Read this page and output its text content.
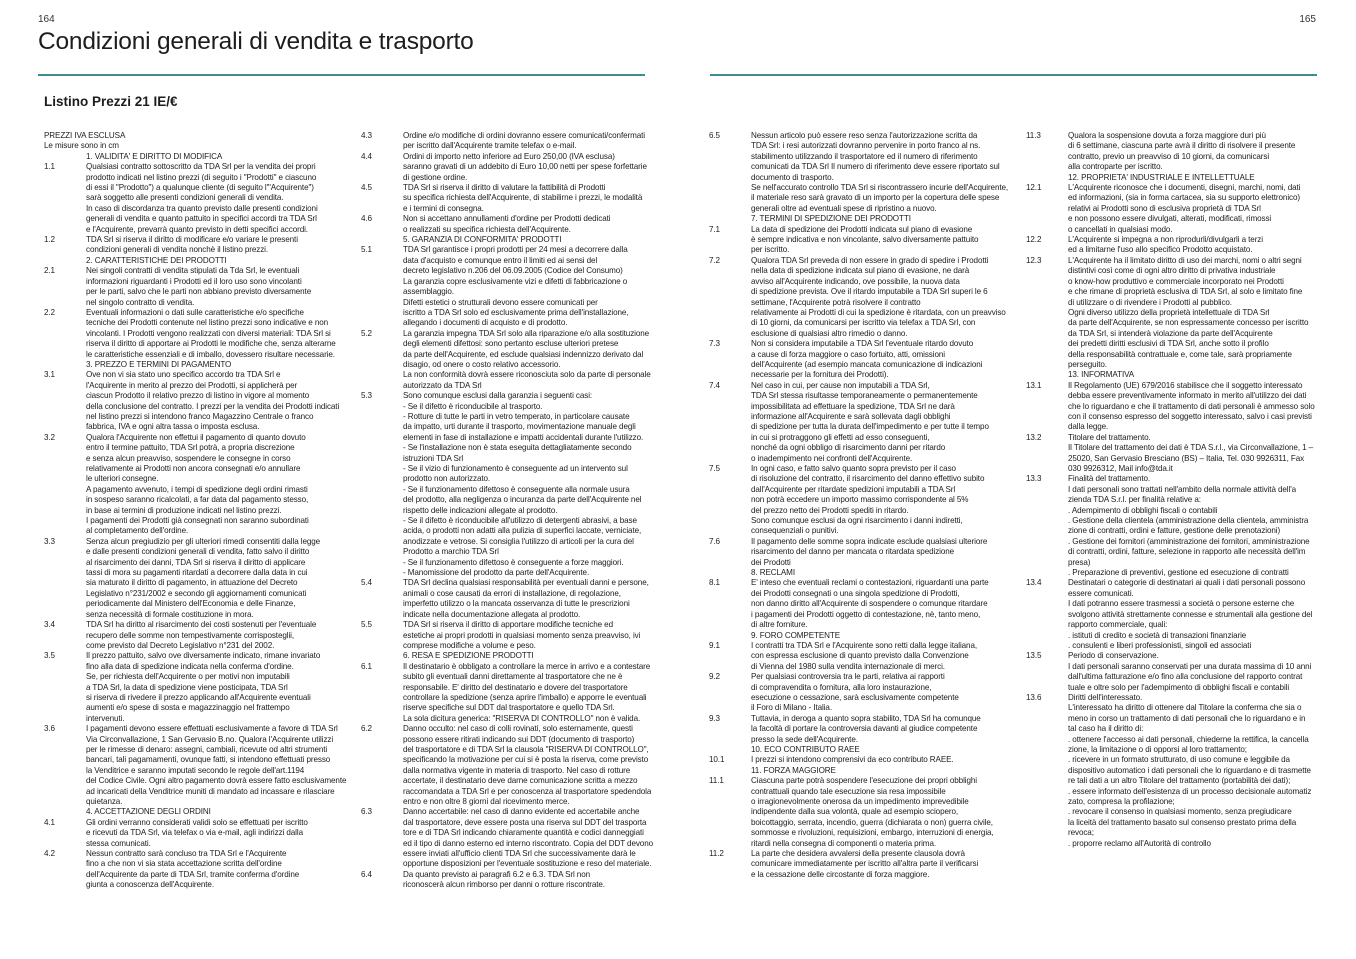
164	165
Condizioni generali di vendita e trasporto
Listino Prezzi 21 IE/€
PREZZI IVA ESCLUSA
Le misure sono in cm
1. VALIDITA' E DIRITTO DI MODIFICA
1.1	Qualsiasi contratto sottoscritto da TDA Srl per la vendita dei propri
prodotto indicati nel listino prezzi (di seguito i "Prodotti" e ciascuno
di essi il "Prodotto") a qualunque cliente (di seguito l'"Acquirente")
sarà soggetto alle presenti condizioni generali di vendita.
In caso di discordanza tra quanto previsto dalle presenti condizioni
generali di vendita e quanto pattuito in specifici accordi tra TDA Srl
e l'Acquirente, prevarrà quanto previsto in detti specifici accordi.
1.2	TDA Srl si riserva il diritto di modificare e/o variare le presenti
condizioni generali di vendita nonchè il listino prezzi.
2. CARATTERISTICHE DEI PRODOTTI
2.1	Nei singoli contratti di vendita stipulati da Tda Srl, le eventuali
informazioni riguardanti i Prodotti ed il loro uso sono vincolanti
per le parti, salvo che le parti non abbiano previsto diversamente
nel singolo contratto di vendita.
2.2	Eventuali informazioni o dati sulle caratteristiche e/o specifiche
tecniche dei Prodotti contenute nel listino prezzi sono indicative e non
vincolanti. I Prodotti vengono realizzati con diversi materiali: TDA Srl si
riserva il diritto di apportare ai Prodotti le modifiche che, senza alterarne
le caratteristiche essenziali e di imballo, dovessero risultare necessarie.
3. PREZZO E TERMINI DI PAGAMENTO
3.1	Ove non vi sia stato uno specifico accordo tra TDA Srl e
l'Acquirente in merito al prezzo dei Prodotti, si applicherà per
ciascun Prodotto il relativo prezzo di listino in vigore al momento
della conclusione del contratto. I prezzi per la vendita dei Prodotti indicati
nel listino prezzi si intendono franco Magazzino Centrale o franco
fabbrica, IVA e ogni altra tassa o imposta esclusa.
3.2	Qualora l'Acquirente non effettui il pagamento di quanto dovuto
entro il termine pattuito, TDA Srl potrà, a propria discrezione
e senza alcun preavviso, sospendere le consegne in corso
relativamente ai Prodotti non ancora consegnati e/o annullare
le ulteriori consegne.
A pagamento avvenuto, i tempi di spedizione degli ordini rimasti
in sospeso saranno ricalcolati, a far data dal pagamento stesso,
in base ai termini di produzione indicati nel listino prezzi.
I pagamenti dei Prodotti già consegnati non saranno subordinati
al completamento dell'ordine.
3.3	Senza alcun pregiudizio per gli ulteriori rimedi consentiti dalla legge
e dalle presenti condizioni generali di vendita, fatto salvo il diritto
al risarcimento dei danni, TDA Srl si riserva il diritto di applicare
tassi di mora su pagamenti ritardati a decorrere dalla data in cui
sia maturato il diritto di pagamento, in attuazione del Decreto
Legislativo n°231/2002 e secondo gli aggiornamenti comunicati
periodicamente dal Ministero dell'Economia e delle Finanze,
senza necessità di formale costituzione in mora.
3.4	TDA Srl ha diritto al risarcimento dei costi sostenuti per l'eventuale
recupero delle somme non tempestivamente corrisposteglii,
come previsto dal Decreto Legislativo n°231 del 2002.
3.5	Il prezzo pattuito, salvo ove diversamente indicato, rimane invariato
fino alla data di spedizione indicata nella conferma d'ordine.
Se, per richiesta dell'Acquirente o per motivi non imputabili
a TDA Srl, la data di spedizione viene posticipata, TDA Srl
si riserva di rivedere il prezzo applicando all'Acquirente eventuali
aumenti e/o spese di sosta e magazzinaggio nel frattempo
intervenuti.
3.6	I pagamenti devono essere effettuati esclusivamente a favore di TDA Srl
Via Circonvallazione, 1 San Gervasio B.no. Qualora l'Acquirente utilizzi
per le rimesse di denaro: assegni, cambiali, ricevute od altri strumenti
bancari, tali pagamamenti, ovunque fatti, si intendono effettuati presso
la Venditrice e saranno imputati secondo le regole dell'art.1194
del Codice Civile. Ogni altro pagamento dovrà essere fatto esclusivamente
ad incaricati della Venditrice muniti di mandato ad incassare e rilasciare
quietanza.
4. ACCETTAZIONE DEGLI ORDINI
4.1	Gli ordini verranno considerati validi solo se effettuati per iscritto
e ricevuti da TDA Srl, via telefax o via e-mail, agli indirizzi dalla
stessa comunicati.
4.2	Nessun contratto sarà concluso tra TDA Srl e l'Acquirente
fino a che non vi sia stata accettazione scritta dell'ordine
dell'Acquirente da parte di TDA Srl, tramite conferma d'ordine
giunta a conoscenza dell'Acquirente.
4.3	Ordine e/o modifiche di ordini dovranno essere comunicati/confermati
per iscritto dall'Acquirente tramite telefax o e-mail.
4.4	Ordini di importo netto inferiore ad Euro 250,00 (IVA esclusa)
saranno gravati di un addebito di Euro 10,00 netti per spese forfettarie
di gestione ordine.
4.5	TDA Srl si riserva il diritto di valutare la fattibilità di Prodotti
su specifica richiesta dell'Acquirente, di stabilirne i prezzi, le modalità
e i termini di consegna.
4.6	Non si accettano annullamenti d'ordine per Prodotti dedicati
o realizzati su specifica richiesta dell'Acquirente.
5. GARANZIA DI CONFORMITA' PRODOTTI
5.1	TDA Srl garantisce i propri prodotti per 24 mesi a decorrere dalla
data d'acquisto e comunque entro il limiti ed ai sensi del
decreto legislativo n.206 del 06.09.2005 (Codice del Consumo)
La garanzia copre esclusivamente vizi e difetti di fabbricazione o
assemblaggio.
Difetti estetici o strutturali devono essere comunicati per
iscritto a TDA Srl solo ed esclusivamente prima dell'installazione,
allegando i documenti di acquisto e di prodotto.
5.2	La garanzia impegna TDA Srl solo alla riparazione e/o alla sostituzione
degli elementi difettosi: sono pertanto escluse ulteriori pretese
da parte dell'Acquirente, ed esclude qualsiasi indennizzo derivato dal
disagio, od onere o costo relativo accessorio.
La non conformità dovrà essere riconosciuta solo da parte di personale
autorizzato da TDA Srl
5.3	Sono comunque esclusi dalla garanzia i seguenti casi:
- Se il difetto è riconducibile al trasporto.
- Rotture di tutte le parti in vetro temperato, in particolare causate
da impatto, urti durante il trasporto, movimentazione manuale degli
elementi in fase di installazione e impatti accidentali durante l'utilizzo.
- Se l'installazione non è stata eseguita dettagliatamente secondo
istruzioni TDA Srl
- Se il vizio di funzionamento è conseguente ad un intervento sul
prodotto non autorizzato.
- Se il funzionamento difettoso è conseguente alla normale usura
del prodotto, alla negligenza o incuranza da parte dell'Acquirente nel
rispetto delle indicazioni allegate al prodotto.
- Se il difetto è riconducibile all'utilizzo di detergenti abrasivi, a base
acida, o prodotti non adatti alla pulizia di superfici laccate, verniciate,
anodizzate e vetrose. Si consiglia l'utilizzo di articoli per la cura del
Prodotto a marchio TDA Srl
- Se il funzionamento difettoso è conseguente a forze maggiori.
- Manomissione del prodotto da parte dell'Acquirente.
5.4	TDA Srl declina qualsiasi responsabilità per eventuali danni e persone,
animali o cose causati da errori di installazione, di regolazione,
imperfetto utilizzo o la mancata osservanza di tutte le prescrizioni
indicate nella documentazione allegata al prodotto.
5.5	TDA Srl si riserva il diritto di apportare modifiche tecniche ed
estetiche ai propri prodotti in qualsiasi momento senza preavviso, ivi
comprese modifiche a volume e peso.
6. RESA E SPEDIZIONE PRODOTTI
6.1	Il destinatario è obbligato a controllare la merce in arrivo e a contestare
subito gli eventuali danni direttamente al trasportatore che ne è
responsabile. E' diritto del destinatario e dovere del trasportatore
controllare la spedizione (senza aprire l'imballo) e apporre le eventuali
riserve specifiche sul DDT dal trasportatore e quello TDA Srl.
La sola dicitura generica: "RISERVA DI CONTROLLO" non è valida.
6.2	Danno occulto: nel caso di colli rovinati, solo esternamente, questi
possono essere ritirati indicando sui DDT (documento di trasporto)
del trasportatore e di TDA Srl la clausola "RISERVA DI CONTROLLO",
specificando la motivazione per cui si è posta la riserva, come previsto
dalla normativa vigente in materia di trasporto. Nel caso di rotture
accertate, il destinatario deve darne comunicazione scritta a mezzo
raccomandata a TDA Srl e per conoscenza al trasportatore spedendola
entro e non oltre 8 giorni dal ricevimento merce.
6.3	Danno accertabile: nel caso di danno evidente ed accertabile anche
dal trasportatore, deve essere posta una riserva sul DDT del trasporta
tore e di TDA Srl indicando chiaramente quantità e codici danneggiati
ed il tipo di danno esterno ed interno riscontrato. Copia del DDT devono
essere inviati all'ufficio clienti TDA Srl che successivamente darà le
opportune disposizioni per l'eventuale sostituzione e reso del materiale.
6.4	Da quanto previsto ai paragrafi 6.2 e 6.3. TDA Srl non
riconoscerà alcun rimborso per danni o rotture riscontrate.
6.5	Nessun articolo può essere reso senza l'autorizzazione scritta da
TDA Srl: i resi autorizzati dovranno pervenire in porto franco al ns.
stabilimento utilizzando il trasportatore ed il numero di riferimento
comunicati da TDA Srl Il numero di riferimento deve essere riportato sul
documento di trasporto.
Se nell'accurato controllo TDA Srl si riscontrassero incurie dell'Acquirente,
il materiale reso sarà gravato di un importo per la copertura delle spese
generali oltre ad eventuali spese di ripristino a nuovo.
7. TERMINI DI SPEDIZIONE DEI PRODOTTI
7.1	La data di spedizione dei Prodotti indicata sul piano di evasione
è sempre indicativa e non vincolante, salvo diversamente pattuito
per iscritto.
7.2	Qualora TDA Srl preveda di non essere in grado di spedire i Prodotti
nella data di spedizione indicata sul piano di evasione, ne darà
avviso all'Acquirente indicando, ove possibile, la nuova data
di spedizione prevista. Ove il ritardo imputabile a TDA Srl superi le 6
settimane, l'Acquirente potrà risolvere il contratto
relativamente ai Prodotti di cui la spedizione è ritardata, con un preavviso
di 10 giorni, da comunicarsi per iscritto via telefax a TDA Srl, con
esclusione di qualsiasi altro rimedio o danno.
7.3	Non si considera imputabile a TDA Srl l'eventuale ritardo dovuto
a cause di forza maggiore o caso fortuito, atti, omissioni
dell'Acquirente (ad esempio mancata comunicazione di indicazioni
necessarie per la fornitura dei Prodotti).
7.4	Nel caso in cui, per cause non imputabili a TDA Srl,
TDA Srl stessa risultasse temporaneamente o permanentemente
impossibilitata ad effettuare la spedizione, TDA Srl ne darà
informazione all'Acquirente e sarà sollevata dagli obblighi
di spedizione per tutta la durata dell'impedimento e per tutte il tempo
in cui si protraggono gli effetti ad esso conseguenti,
nonché da ogni obbligo di risarcimento danni per ritardo
o inadempimento nei confronti dell'Acquirente.
7.5	In ogni caso, e fatto salvo quanto sopra previsto per il caso
di risoluzione del contratto, il risarcimento del danno effettivo subito
dall'Acquirente per ritardate spedizioni imputabili a TDA Srl
non potrà eccedere un importo massimo corrispondente al 5%
del prezzo netto dei Prodotti spediti in ritardo.
Sono comunque esclusi da ogni risarcimento i danni indiretti,
consequenziali o punitivi.
7.6	Il pagamento delle somme sopra indicate esclude qualsiasi ulteriore
risarcimento del danno per mancata o ritardata spedizione
dei Prodotti
8. RECLAMI
8.1	E' inteso che eventuali reclami o contestazioni, riguardanti una parte
dei Prodotti consegnati o una singola spedizione di Prodotti,
non danno diritto all'Acquirente di sospendere o comunque ritardare
i pagamenti dei Prodotti oggetto di contestazione, nè, tanto meno,
di altre forniture.
9. FORO COMPETENTE
9.1	I contratti tra TDA Srl e l'Acquirente sono retti dalla legge italiana,
con espressa esclusione di quanto previsto dalla Convenzione
di Vienna del 1980 sulla vendita internazionale di merci.
9.2	Per qualsiasi controversia tra le parti, relativa ai rapporti
di compravendita o fornitura, alla loro instaurazione,
esecuzione o cessazione, sarà esclusivamente competente
il Foro di Milano - Italia.
9.3	Tuttavia, in deroga a quanto sopra stabilito, TDA Srl ha comunque
la facoltà di portare la controversia davanti al giudice competente
presso la sede dell'Acquirente.
10. ECO CONTRIBUTO RAEE
10.1	I prezzi si intendono comprensivi da eco contributo RAEE.
11. FORZA MAGGIORE
11.1	Ciascuna parte potrà sospendere l'esecuzione dei propri obblighi
contrattuali quando tale esecuzione sia resa impossibile
o irragionevolmente onerosa da un impedimento imprevedibile
indipendente dalla sua volontà, quale ad esempio sciopero,
boicottaggio, serrata, incendio, guerra (dichiarata o non) guerra civile,
sommosse e rivoluzioni, requisizioni, embargo, interruzioni di energia,
ritardi nella consegna di componenti o materia prima.
11.2	La parte che desidera avvalersi della presente clausola dovrà
comunicare immediatamente per iscritto all'altra parte il verificarsi
e la cessazione delle circostante di forza maggiore.
11.3	Qualora la sospensione dovuta a forza maggiore duri più
di 6 settimane, ciascuna parte avrà il diritto di risolvere il presente
contratto, previo un preavviso di 10 giorni, da comunicarsi
alla controparte per iscritto.
12. PROPRIETA' INDUSTRIALE E INTELLETTUALE
12.1	L'Acquirente riconosce che i documenti, disegni, marchi, nomi, dati
ed informazioni, (sia in forma cartacea, sia su supporto elettronico)
relativi ai Prodotti sono di esclusiva proprietà di TDA Srl
e non possono essere divulgati, alterati, modificati, rimossi
o cancellati in qualsiasi modo.
12.2	L'Acquirente si impegna a non riprodurli/divulgarli a terzi
ed a limitarne l'uso allo specifico Prodotto acquistato.
12.3	L'Acquirente ha il limitato diritto di uso dei marchi, nomi o altri segni
distintivi così come di ogni altro diritto di privativa industriale
o know-how produttivo e commerciale incorporato nei Prodotti
e che rimane di proprietà esclusiva di TDA Srl, al solo e limitato fine
di utilizzare o di rivendere i Prodotti al pubblico.
Ogni diverso utilizzo della proprietà intellettuale di TDA Srl
da parte dell'Acquirente, se non espressamente concesso per iscritto
da TDA Srl, si intenderà violazione da parte dell'Acquirente
dei predetti diritti esclusivi di TDA Srl, anche sotto il profilo
della responsabilità contrattuale e, come tale, sarà propriamente
perseguito.
13. INFORMATIVA
13.1	Il Regolamento (UE) 679/2016 stabilisce che il soggetto interessato
debba essere preventivamente informato in merito all'utilizzo dei dati
che lo riguardano e che il trattamento di dati personali è ammesso solo
con il consenso espresso del soggetto interessato, salvo i casi previsti
dalla legge.
13.2	Titolare del trattamento.
Il Titolare del trattamento dei dati è TDA S.r.l., via Circonvallazione, 1 –
25020, San Gervasio Bresciano (BS) – Italia, Tel. 030 9926311, Fax
030 9926312, Mail info@tda.it
13.3	Finalità del trattamento.
I dati personali sono trattati nell'ambito della normale attività dell'a
zienda TDA S.r.l. per finalità relative a:
. Adempimento di obblighi fiscali o contabili
. Gestione della clientela (amministrazione della clientela, amministra
zione di contratti, ordini e fatture, gestione delle prenotazioni)
. Gestione dei fornitori (amministrazione dei fornitori, amministrazione
di contratti, ordini, fatture, selezione in rapporto alle necessità dell'im
presa)
. Preparazione di preventivi, gestione ed esecuzione di contratti
13.4	Destinatari o categorie di destinatari ai quali i dati personali possono
essere comunicati.
I dati potranno essere trasmessi a società o persone esterne che
svolgono attività strettamente connesse e strumentali alla gestione del
rapporto commerciale, quali:
. istituti di credito e società di transazioni finanziarie
. consulenti e liberi professionisti, singoli ed associati
13.5	Periodo di conservazione.
I dati personali saranno conservati per una durata massima di 10 anni
dall'ultima fatturazione e/o fino alla conclusione del rapporto contrat
tuale e oltre solo per l'adempimento di obblighi fiscali e contabili
13.6	Diritti dell'interessato.
L'interessato ha diritto di ottenere dal Titolare la conferma che sia o
meno in corso un trattamento di dati personali che lo riguardano e in
tal caso ha il diritto di:
. ottenere l'accesso ai dati personali, chiederne la rettifica, la cancella
zione, la limitazione o di opporsi al loro trattamento;
. ricevere in un formato strutturato, di uso comune e leggibile da
dispositivo automatico i dati personali che lo riguardano e di trasmette
re tali dati a un altro Titolare del trattamento (portabilità dei dati);
. essere informato dell'esistenza di un processo decisionale automatiz
zato, compresa la profilazione;
. revocare il consenso in qualsiasi momento, senza pregiudicare
la liceità del trattamento basato sul consenso prestato prima della
revoca;
. proporre reclamo all'Autorità di controllo
